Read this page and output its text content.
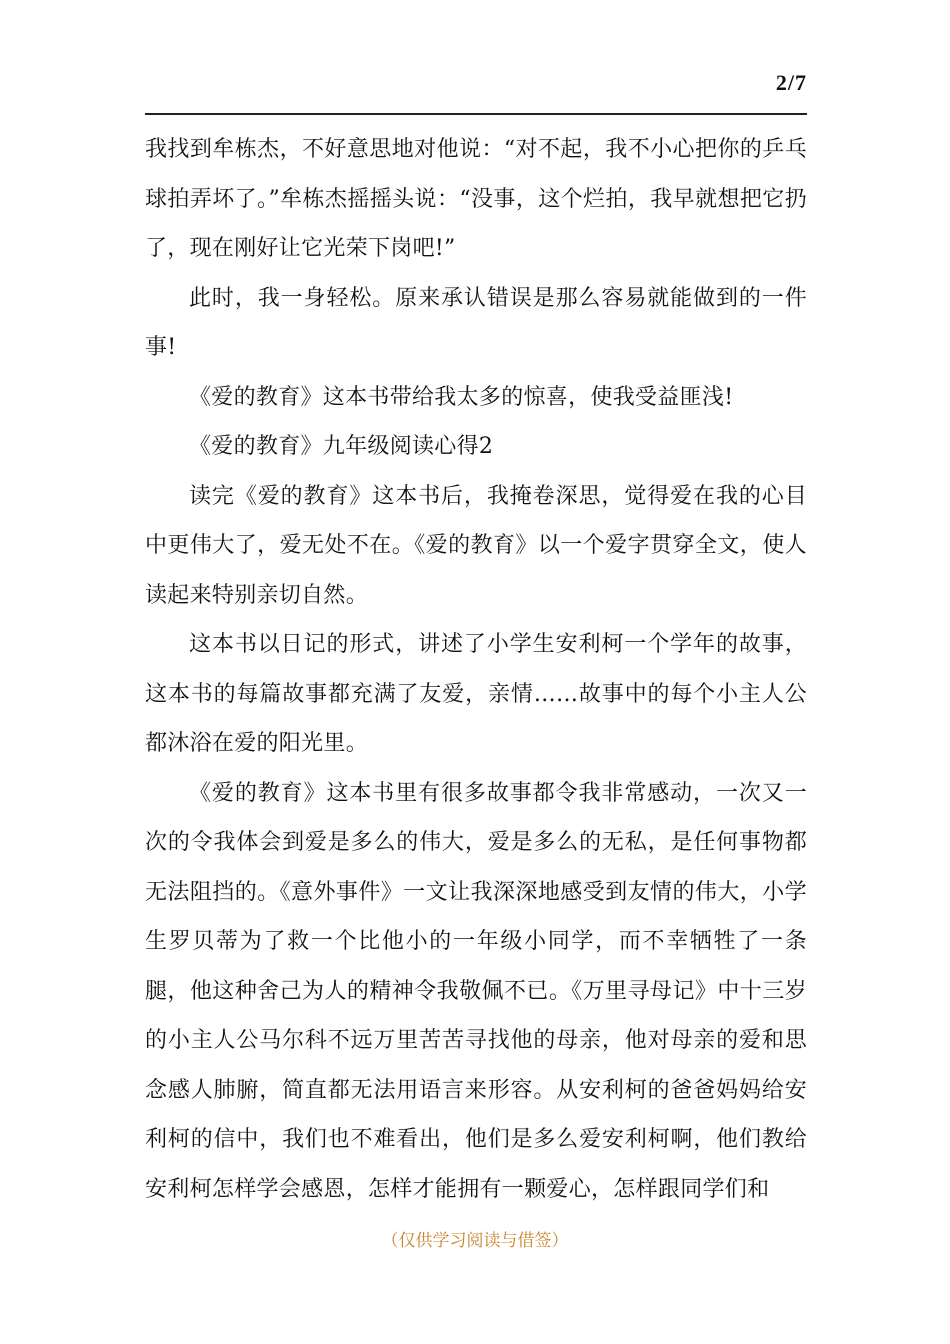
2/7

我找到牟栋杰，不好意思地对他说：“对不起，我不小心把你的乒乓球拍弄坏了。”牟栋杰摇摇头说：“没事，这个烂拍，我早就想把它扔了，现在刚好让它光荣下岗吧!”

此时，我一身轻松。原来承认错误是那么容易就能做到的一件事!

《爱的教育》这本书带给我太多的惊喜，使我受益匪浅!

《爱的教育》九年级阅读心得2

读完《爱的教育》这本书后，我掩卷深思，觉得爱在我的心目中更伟大了，爱无处不在。《爱的教育》以一个爱字贯穿全文，使人读起来特别亲切自然。

这本书以日记的形式，讲述了小学生安利柯一个学年的故事，这本书的每篇故事都充满了友爱，亲情……故事中的每个小主人公都沐浴在爱的阳光里。

《爱的教育》这本书里有很多故事都令我非常感动，一次又一次的令我体会到爱是多么的伟大，爱是多么的无私，是任何事物都无法阻挡的。《意外事件》一文让我深深地感受到友情的伟大，小学生罗贝蒂为了救一个比他小的一年级小同学，而不幸牺牲了一条腿，他这种舍己为人的精神令我敬佩不已。《万里寻母记》中十三岁的小主人公马尔科不远万里苦苦寻找他的母亲，他对母亲的爱和思念感人肺腑，简直都无法用语言来形容。从安利柯的爸爸妈妈给安利柯的信中，我们也不难看出，他们是多么爱安利柯啊，他们教给安利柯怎样学会感恩，怎样才能拥有一颗爱心，怎样跟同学们和

（仅供学习阅读与借签）
